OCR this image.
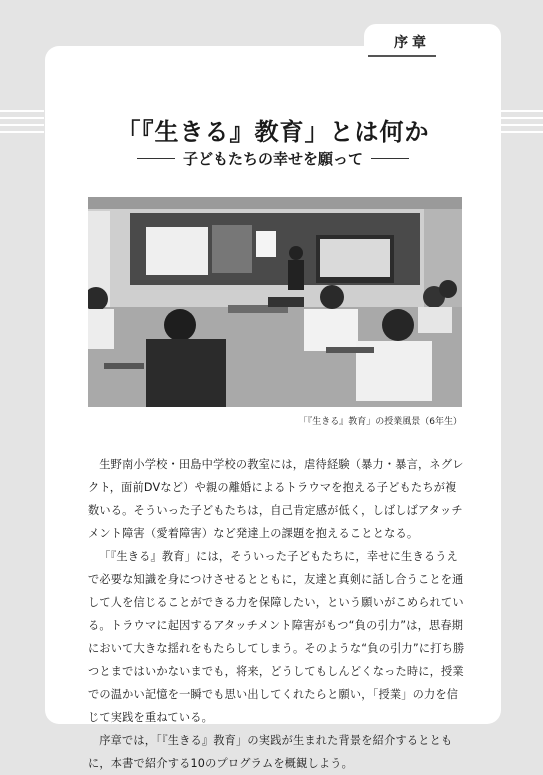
序章
「『生きる』教育」とは何か
子どもたちの幸せを願って
「『生きる』教育」の授業風景（6年生）

生野南小学校・田島中学校の教室には，虐待経験（暴力・暴言，ネグレクト，面前DVなど）や親の離婚によるトラウマを抱える子どもたちが複数いる。そういった子どもたちは，自己肯定感が低く，しばしばアタッチメント障害（愛着障害）など発達上の課題を抱えることとなる。

「『生きる』教育」には，そういった子どもたちに，幸せに生きるうえで必要な知識を身につけさせるとともに，友達と真剣に話し合うことを通して人を信じることができる力を保障したい，という願いがこめられている。トラウマに起因するアタッチメント障害がもつ“負の引力”は，思春期において大きな揺れをもたらしてしまう。そのような“負の引力”に打ち勝つとまではいかないまでも，将来，どうしてもしんどくなった時に，授業での温かい記憶を一瞬でも思い出してくれたらと願い，「授業」の力を信じて実践を重ねている。

序章では，「『生きる』教育」の実践が生まれた背景を紹介するとともに，本書で紹介する10のプログラムを概観しよう。
